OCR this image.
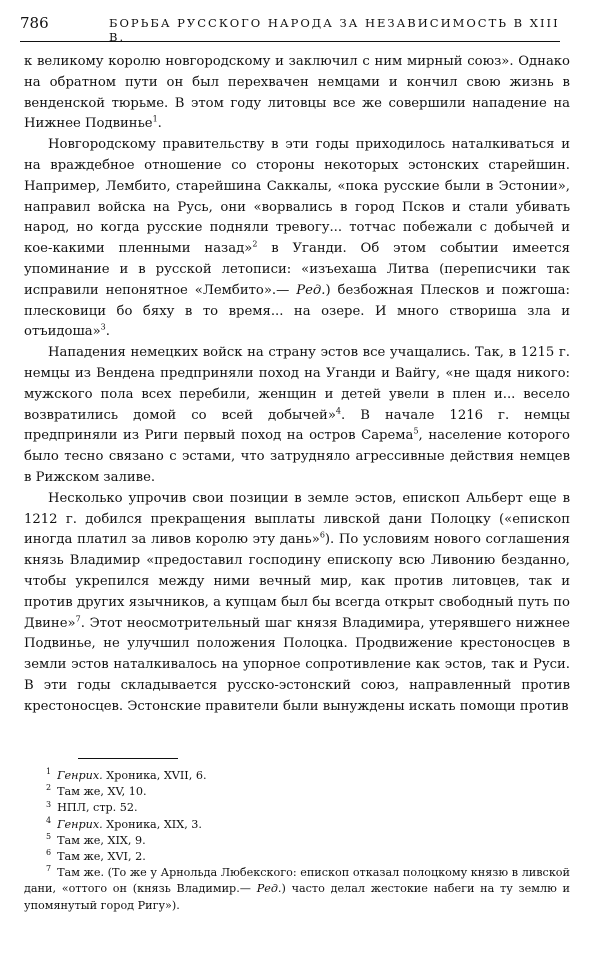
786	БОРЬБА РУССКОГО НАРОДА ЗА НЕЗАВИСИМОСТЬ В XIII В.

к великому королю новгородскому и заключил с ним мирный союз». Однако на обратном пути он был перехвачен немцами и кончил свою жизнь в венденской тюрьме. В этом году литовцы все же совершили нападение на Нижнее Подвинье$^1$.

Новгородскому правительству в эти годы приходилось наталкиваться и на враждебное отношение со стороны некоторых эстонских старейшин. Например, Лембито, старейшина Саккалы, «пока русские были в Эстонии», направил войска на Русь, они «ворвались в город Псков и стали убивать народ, но когда русские подняли тревогу... тотчас побежали с добычей и кое-какими пленными назад»$^2$ в Уганди. Об этом событии имеется упоминание и в русской летописи: «изъехаша Литва (переписчики так исправили непонятное «Лембито».— Ред.) безбожная Плесков и пожгоша: плесковици бо бяху в то время... на озере. И много створиша зла и отъидоша»$^3$.

Нападения немецких войск на страну эстов все учащались. Так, в 1215 г. немцы из Вендена предприняли поход на Уганди и Вайгу, «не щадя никого: мужского пола всех перебили, женщин и детей увели в плен и... весело возвратились домой со всей добычей»$^4$. В начале 1216 г. немцы предприняли из Риги первый поход на остров Сарема$^5$, население которого было тесно связано с эстами, что затрудняло агрессивные действия немцев в Рижском заливе.

Несколько упрочив свои позиции в земле эстов, епископ Альберт еще в 1212 г. добился прекращения выплаты ливской дани Полоцку («епископ иногда платил за ливов королю эту дань»$^6$). По условиям нового соглашения князь Владимир «предоставил господину епископу всю Ливонию безданно, чтобы укрепился между ними вечный мир, как против литовцев, так и против других язычников, а купцам был бы всегда открыт свободный путь по Двине»$^7$. Этот неосмотрительный шаг князя Владимира, утерявшего нижнее Подвинье, не улучшил положения Полоцка. Продвижение крестоносцев в земли эстов наталкивалось на упорное сопротивление как эстов, так и Руси. В эти годы складывается русско-эстонский союз, направленный против крестоносцев. Эстонские правители были вынуждены искать помощи против

$^1$ Генрих. Хроника, XVII, 6.
$^2$ Там же, XV, 10.
$^3$ НПЛ, стр. 52.
$^4$ Генрих. Хроника, XIX, 3.
$^5$ Там же, XIX, 9.
$^6$ Там же, XVI, 2.
$^7$ Там же. (То же у Арнольда Любекского: епископ отказал полоцкому князю в ливской дани, «оттого он (князь Владимир.— Ред.) часто делал жестокие набеги на ту землю и упомянутый город Ригу»).
